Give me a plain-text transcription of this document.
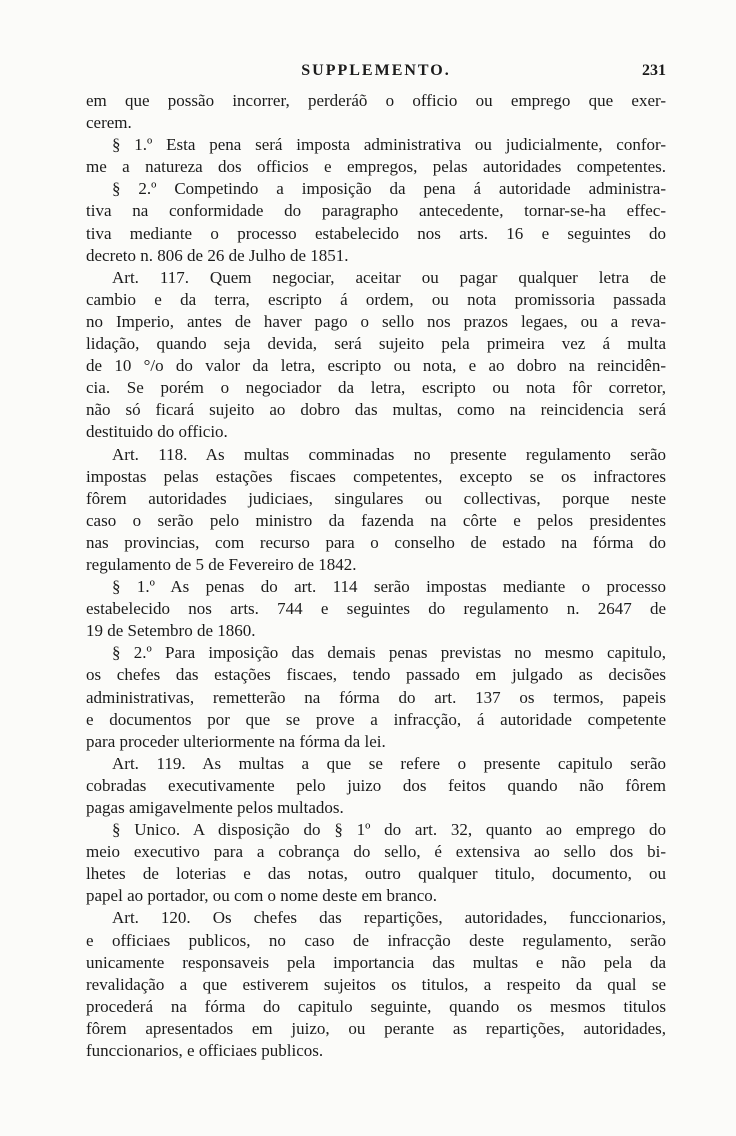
SUPPLEMENTO.	231
em que possão incorrer, perderáõ o officio ou emprego que exer-
cerem.
§ 1.º Esta pena será imposta administrativa ou judicialmente, confor-
me a natureza dos officios e empregos, pelas autoridades competentes.
§ 2.º Competindo a imposição da pena á autoridade administra-
tiva na conformidade do paragrapho antecedente, tornar-se-ha effec-
tiva mediante o processo estabelecido nos arts. 16 e seguintes do
decreto n. 806 de 26 de Julho de 1851.
Art. 117. Quem negociar, aceitar ou pagar qualquer letra de
cambio e da terra, escripto á ordem, ou nota promissoria passada
no Imperio, antes de haver pago o sello nos prazos legaes, ou a reva-
lidação, quando seja devida, será sujeito pela primeira vez á multa
de 10 °/o do valor da letra, escripto ou nota, e ao dobro na reincidên-
cia. Se porém o negociador da letra, escripto ou nota fôr corretor,
não só ficará sujeito ao dobro das multas, como na reincidencia será
destituido do officio.
Art. 118. As multas comminadas no presente regulamento serão
impostas pelas estações fiscaes competentes, excepto se os infractores
fôrem autoridades judiciaes, singulares ou collectivas, porque neste
caso o serão pelo ministro da fazenda na côrte e pelos presidentes
nas provincias, com recurso para o conselho de estado na fórma do
regulamento de 5 de Fevereiro de 1842.
§ 1.º As penas do art. 114 serão impostas mediante o processo
estabelecido nos arts. 744 e seguintes do regulamento n. 2647 de
19 de Setembro de 1860.
§ 2.º Para imposição das demais penas previstas no mesmo capitulo,
os chefes das estações fiscaes, tendo passado em julgado as decisões
administrativas, remetterão na fórma do art. 137 os termos, papeis
e documentos por que se prove a infracção, á autoridade competente
para proceder ulteriormente na fórma da lei.
Art. 119. As multas a que se refere o presente capitulo serão
cobradas executivamente pelo juizo dos feitos quando não fôrem
pagas amigavelmente pelos multados.
§ Unico. A disposição do § 1º do art. 32, quanto ao emprego do
meio executivo para a cobrança do sello, é extensiva ao sello dos bi-
lhetes de loterias e das notas, outro qualquer titulo, documento, ou
papel ao portador, ou com o nome deste em branco.
Art. 120. Os chefes das repartições, autoridades, funccionarios,
e officiaes publicos, no caso de infracção deste regulamento, serão
unicamente responsaveis pela importancia das multas e não pela da
revalidação a que estiverem sujeitos os titulos, a respeito da qual se
procederá na fórma do capitulo seguinte, quando os mesmos titulos
fôrem apresentados em juizo, ou perante as repartições, autoridades,
funccionarios, e officiaes publicos.
